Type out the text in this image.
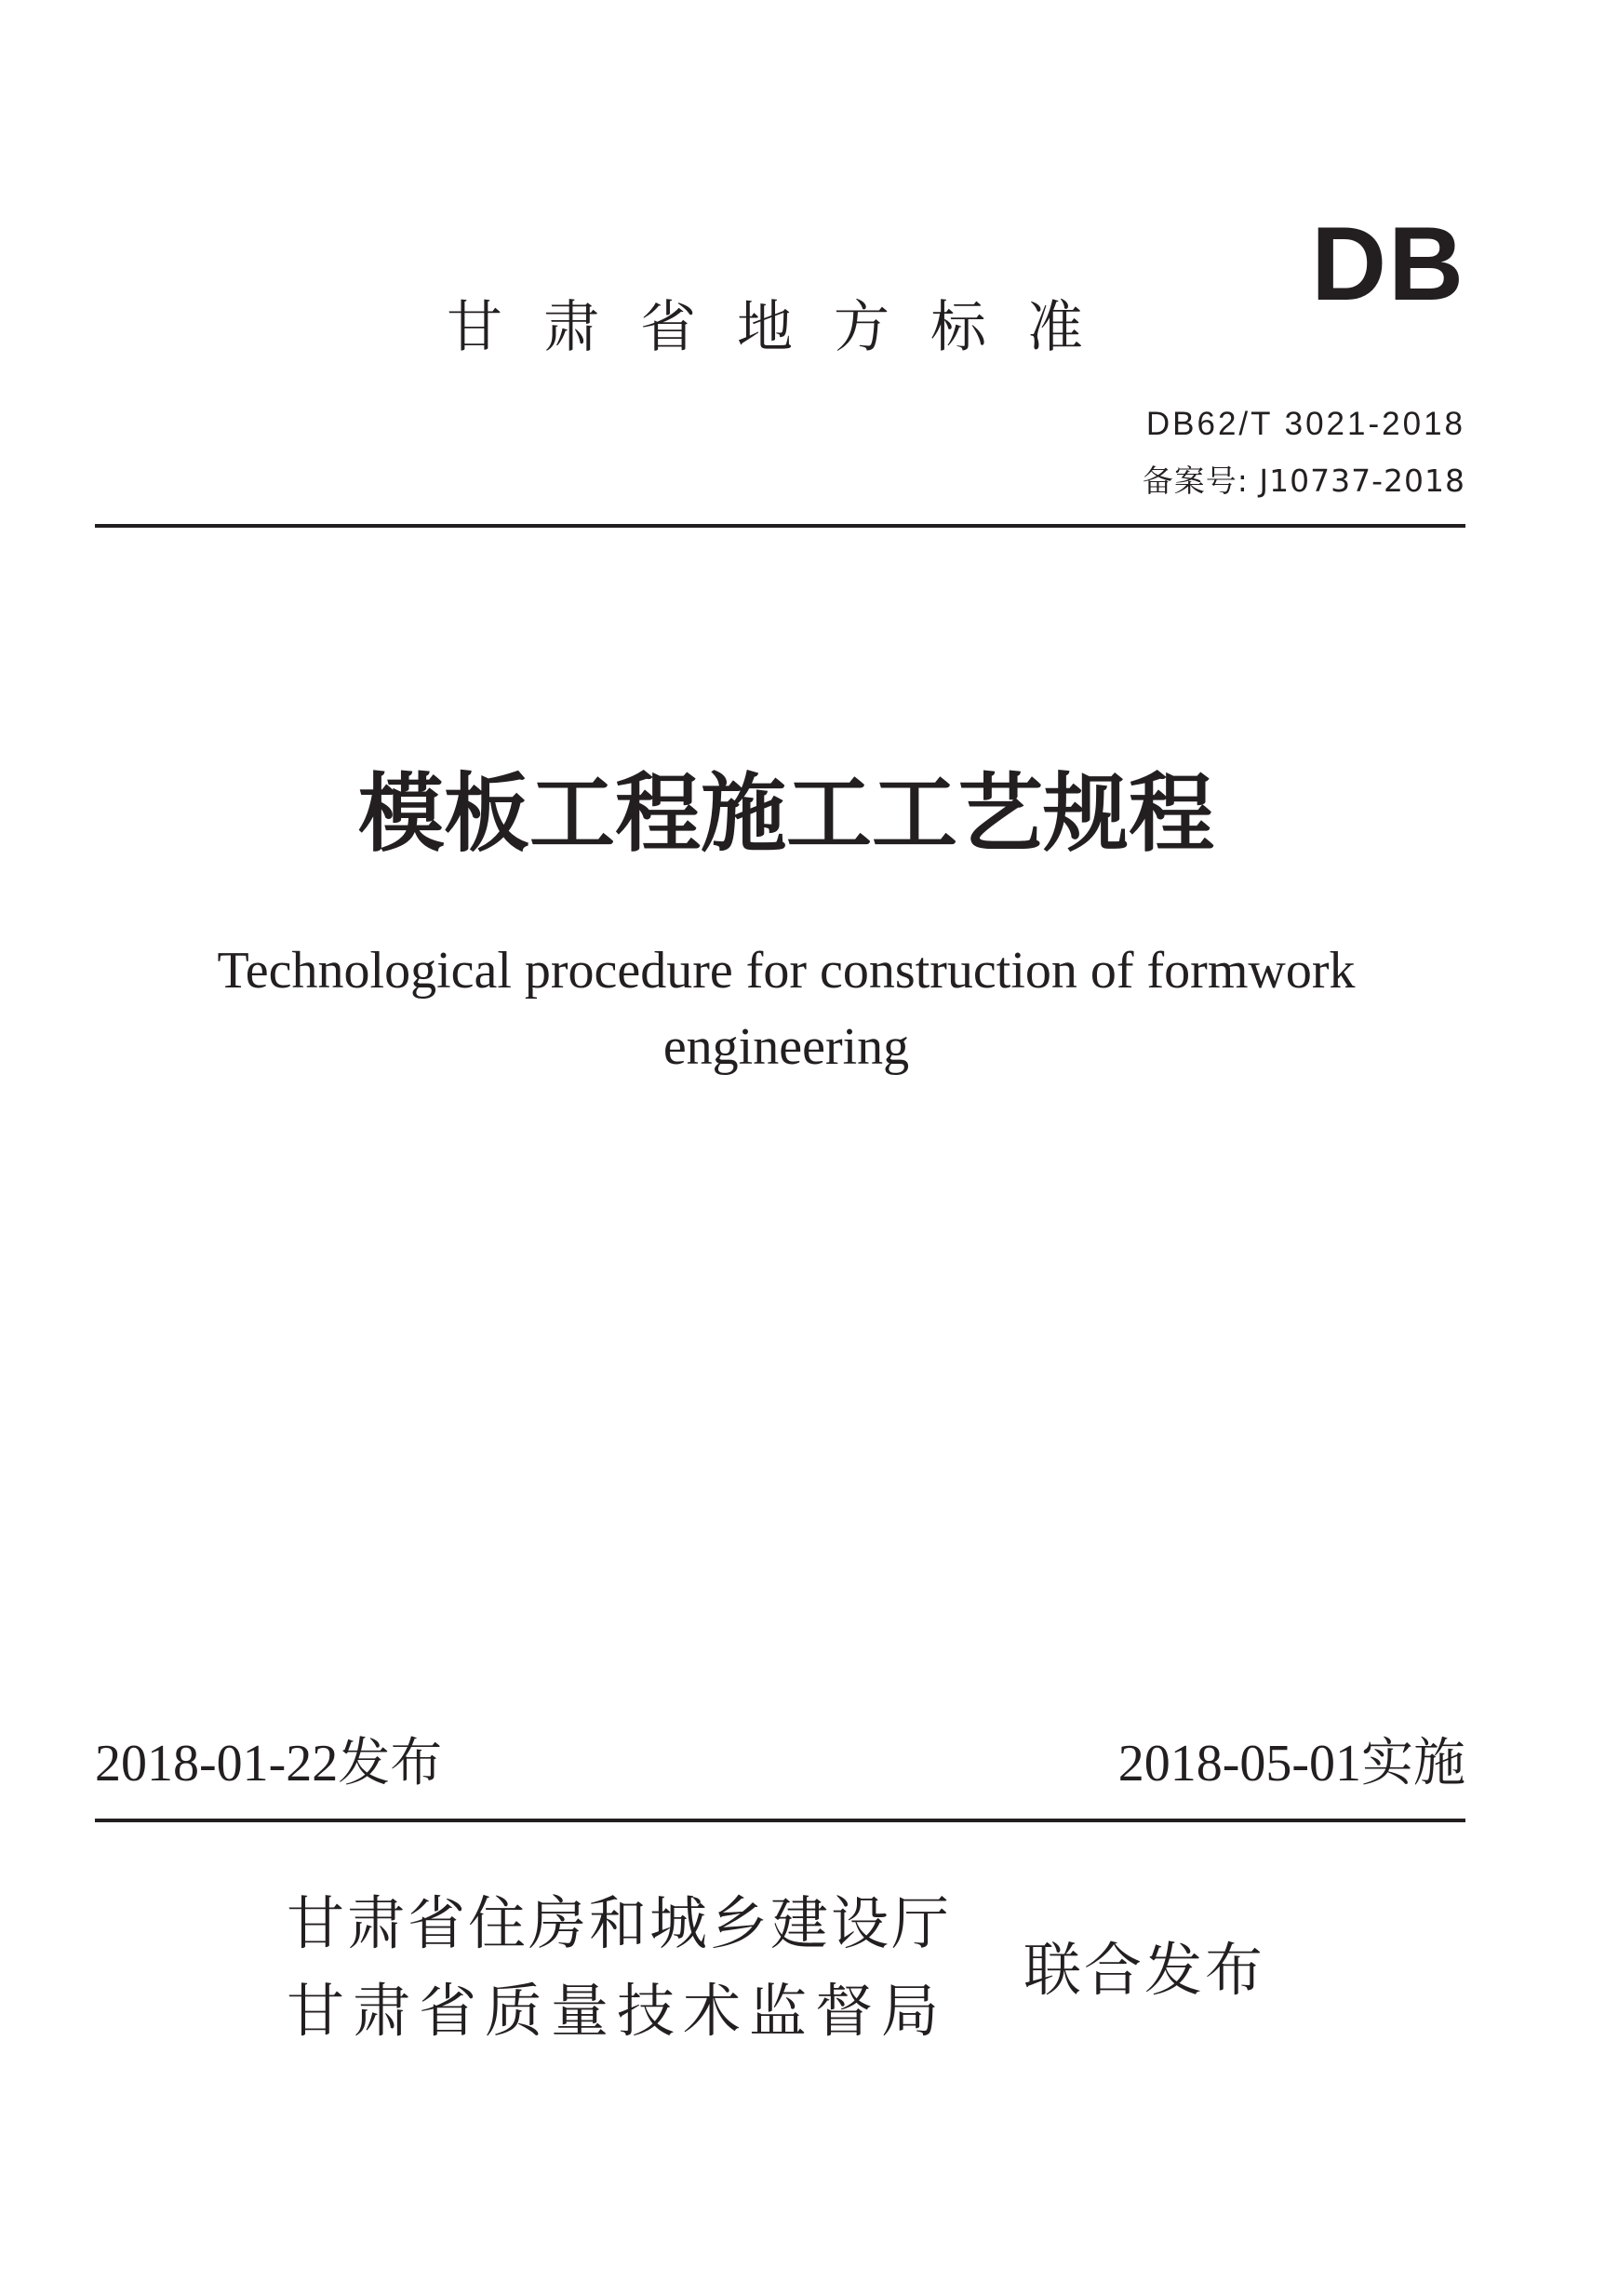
DB
甘肃省地方标准
DB62/T 3021-2018
备案号: J10737-2018
模板工程施工工艺规程
Technological procedure for construction of formwork engineering
2018-01-22发布	2018-05-01实施
甘肃省住房和城乡建设厅
甘肃省质量技术监督局
联合发布
